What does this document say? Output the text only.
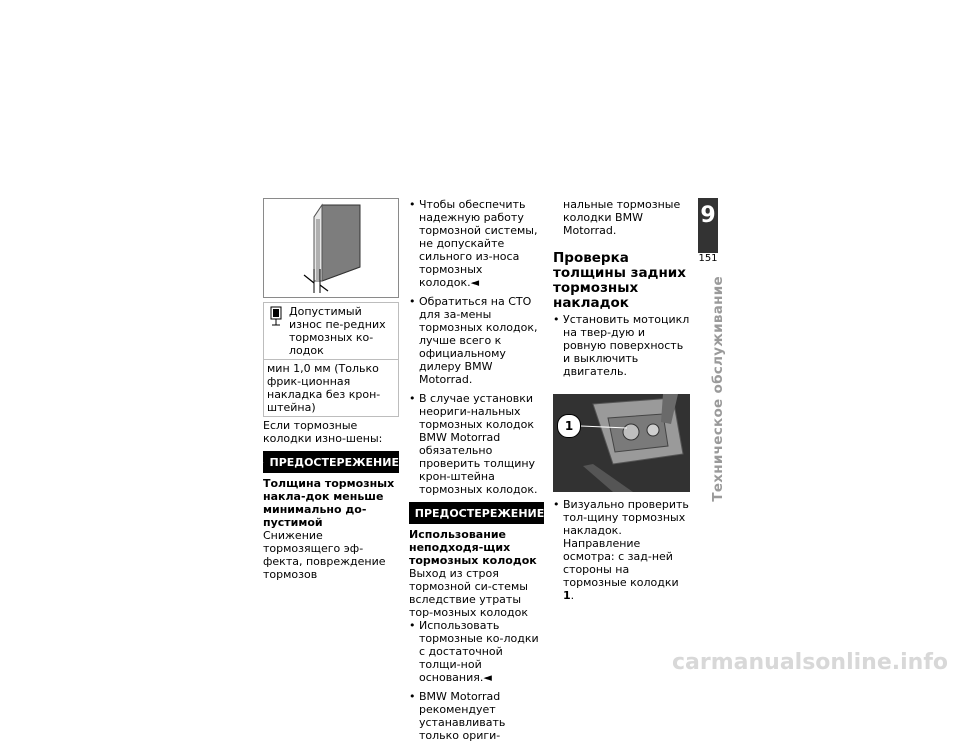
Допустимый износ пе-редних тормозных ко-лодок

мин 1,0 мм (Только фрик-ционная накладка без крон-штейна)

Если тормозные колодки изно-шены:

ПРЕДОСТЕРЕЖЕНИЕ

Толщина тормозных накла-док меньше минимально до-пустимой

Снижение тормозящего эф-фекта, повреждение тормозов

• Чтобы обеспечить надежную работу тормозной системы, не допускайте сильного из-носа тормозных колодок.◄

• Обратиться на СТО для за-мены тормозных колодок, лучше всего к официальному дилеру BMW Motorrad.

• В случае установки неориги-нальных тормозных колодок BMW Motorrad обязательно проверить толщину крон-штейна тормозных колодок.

ПРЕДОСТЕРЕЖЕНИЕ

Использование неподходя-щих тормозных колодок

Выход из строя тормозной си-стемы вследствие утраты тор-мозных колодок

• Использовать тормозные ко-лодки с достаточной толщи-ной основания.◄

• BMW Motorrad рекомендует устанавливать только ориги-

нальные тормозные колодки BMW Motorrad.

Проверка толщины задних тормозных накладок

• Установить мотоцикл на твер-дую и ровную поверхность и выключить двигатель.

1

• Визуально проверить тол-щину тормозных накладок. Направление осмотра: с зад-ней стороны на тормозные колодки 1.

9
151
Техническое обслуживание
carmanualsonline.info
